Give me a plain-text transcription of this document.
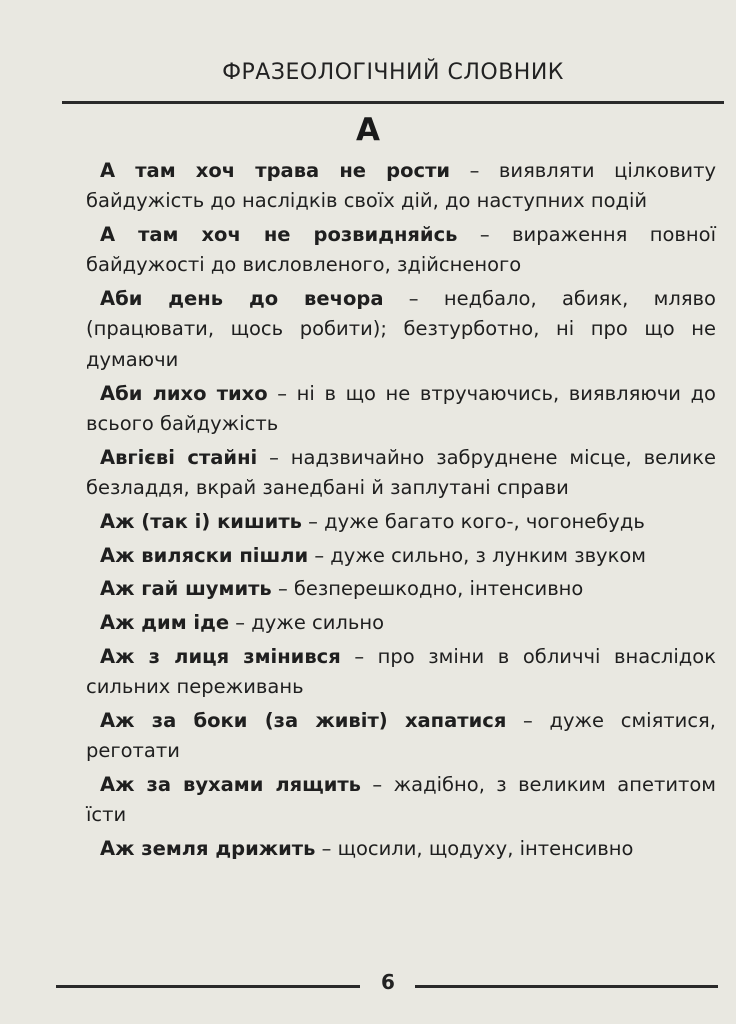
ФРАЗЕОЛОГІЧНИЙ СЛОВНИК
А

А там хоч трава не рости – виявляти цілковиту байдужість до наслідків своїх дій, до наступних подій

А там хоч не розвидняйсь – вираження повної байдужості до висловленого, здійсненого

Аби день до вечора – недбало, абияк, мляво (працювати, щось робити); безтурботно, ні про що не думаючи

Аби лихо тихо – ні в що не втручаючись, виявляючи до всього байдужість

Авгієві стайні – надзвичайно забруднене місце, велике безладдя, вкрай занедбані й заплутані справи

Аж (так і) кишить – дуже багато кого-, чогонебудь

Аж виляски пішли – дуже сильно, з лунким звуком

Аж гай шумить – безперешкодно, інтенсивно

Аж дим іде – дуже сильно

Аж з лиця змінився – про зміни в обличчі внаслідок сильних переживань

Аж за боки (за живіт) хапатися – дуже сміятися, реготати

Аж за вухами лящить – жадібно, з великим апетитом їсти

Аж земля дрижить – щосили, щодуху, інтенсивно

6
